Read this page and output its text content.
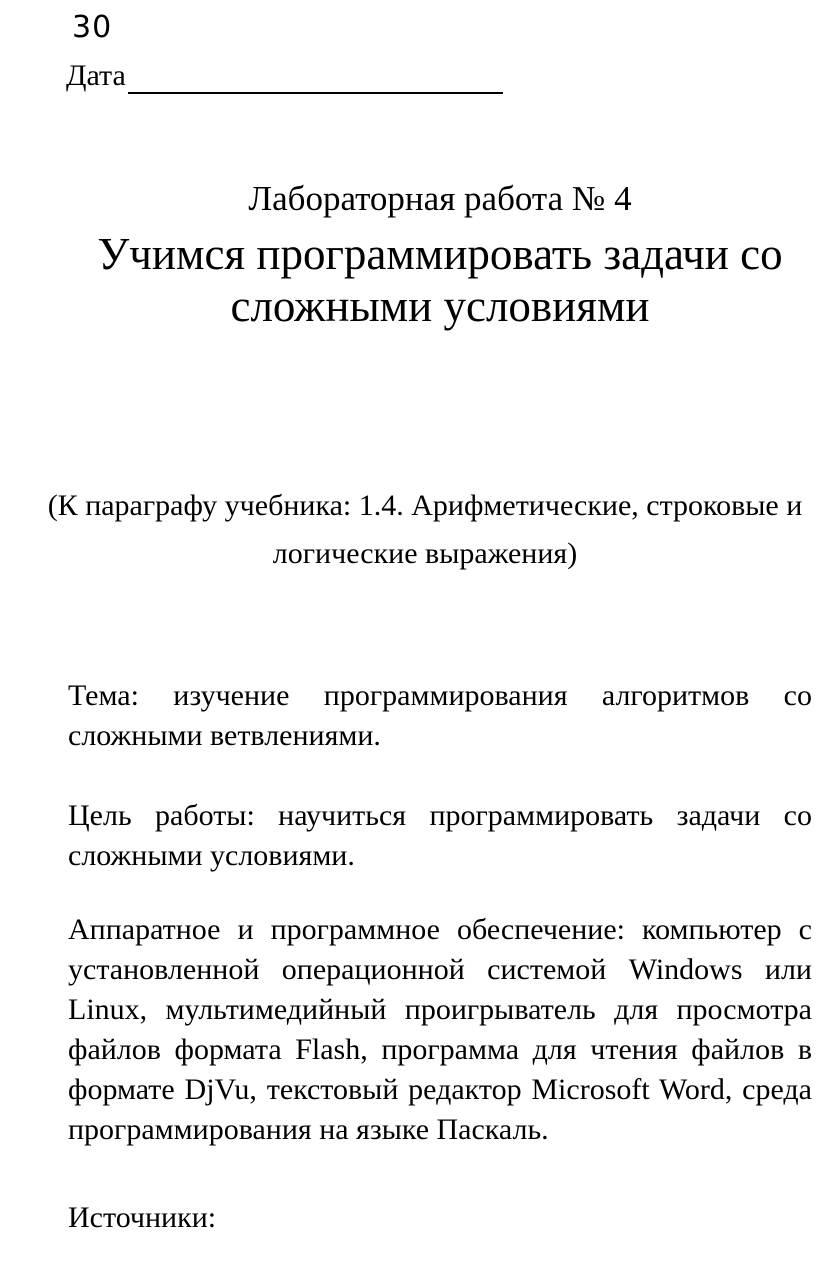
30
Дата
Лабораторная работа № 4
Учимся программировать задачи со сложными условиями
(К параграфу учебника: 1.4. Арифметические, строковые и логические выражения)
Тема: изучение программирования алгоритмов со сложными ветвлениями.
Цель работы: научиться программировать задачи со сложными условиями.
Аппаратное и программное обеспечение: компьютер с установленной операционной системой Windows или Linux, мультимедийный проигрыватель для просмотра файлов формата Flash, программа для чтения файлов в формате DjVu, текстовый редактор Microsoft Word, среда программирования на языке Паскаль.
Источники:
